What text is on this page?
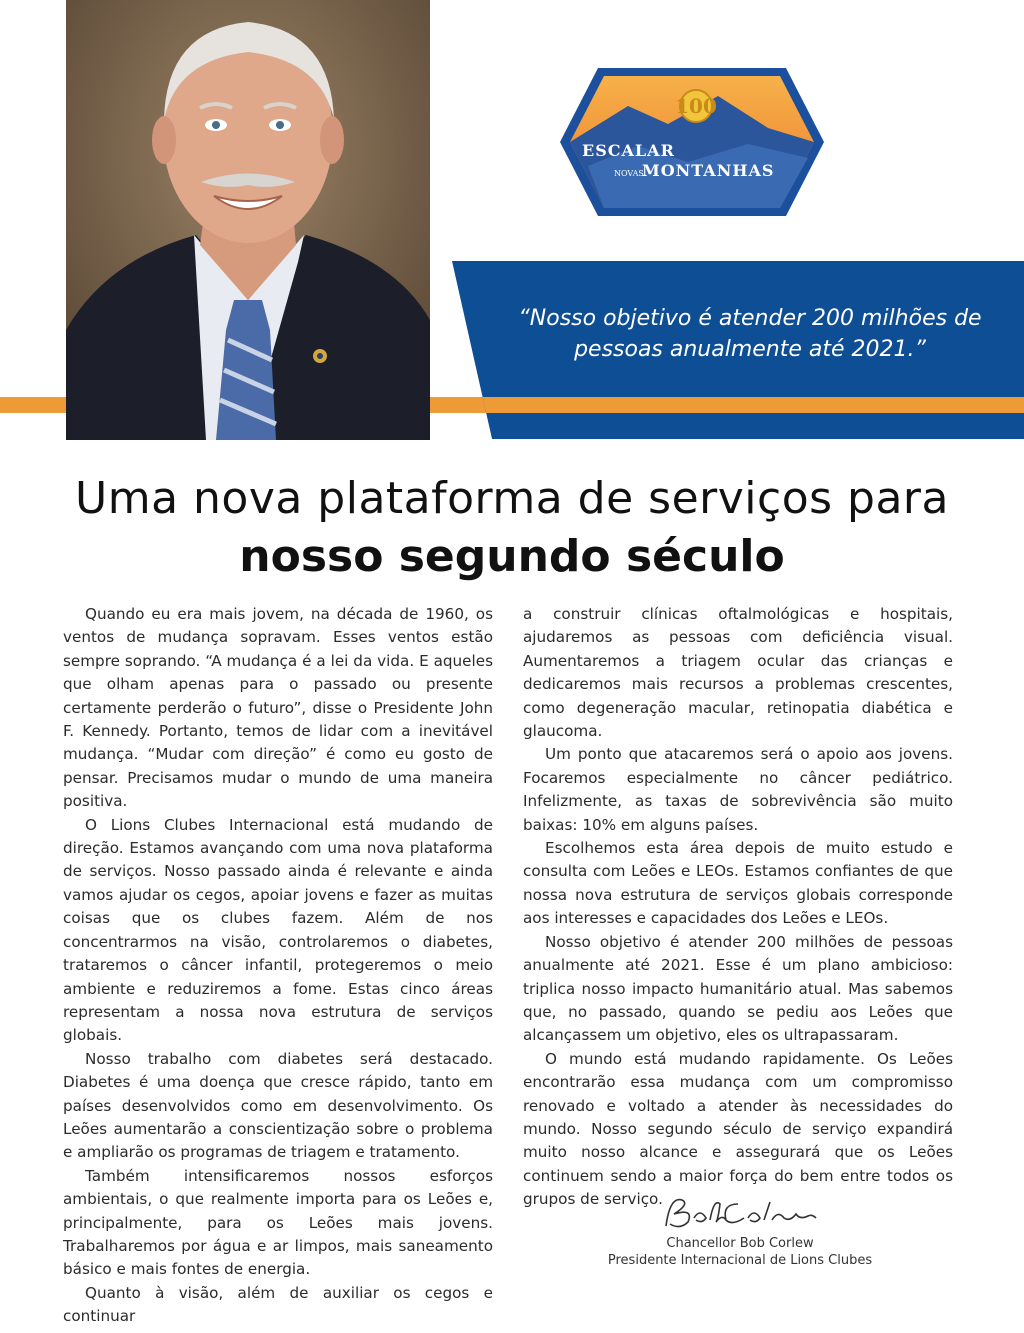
“Nosso objetivo é atender 200 milhões de pessoas anualmente até 2021.”
100
ESCALAR
NOVAS
MONTANHAS
Uma nova plataforma de serviços para
nosso segundo século

Quando eu era mais jovem, na década de 1960, os ventos de mudança sopravam. Esses ventos estão sempre soprando. “A mudança é a lei da vida. E aqueles que olham apenas para o passado ou presente certamente perderão o futuro”, disse o Presidente John F. Kennedy. Portanto, temos de lidar com a inevitável mudança. “Mudar com direção” é como eu gosto de pensar. Precisamos mudar o mundo de uma maneira positiva.

O Lions Clubes Internacional está mudando de direção. Estamos avançando com uma nova plataforma de serviços. Nosso passado ainda é relevante e ainda vamos ajudar os cegos, apoiar jovens e fazer as muitas coisas que os clubes fazem. Além de nos concentrarmos na visão, controlaremos o diabetes, trataremos o câncer infantil, protegeremos o meio ambiente e reduziremos a fome. Estas cinco áreas representam a nossa nova estrutura de serviços globais.

Nosso trabalho com diabetes será destacado. Diabetes é uma doença que cresce rápido, tanto em países desenvolvidos como em desenvolvimento. Os Leões aumentarão a conscientização sobre o problema e ampliarão os programas de triagem e tratamento.

Também intensificaremos nossos esforços ambientais, o que realmente importa para os Leões e, principalmente, para os Leões mais jovens. Trabalharemos por água e ar limpos, mais saneamento básico e mais fontes de energia.

Quanto à visão, além de auxiliar os cegos e continuar

a construir clínicas oftalmológicas e hospitais, ajudaremos as pessoas com deficiência visual. Aumentaremos a triagem ocular das crianças e dedicaremos mais recursos a problemas crescentes, como degeneração macular, retinopatia diabética e glaucoma.

Um ponto que atacaremos será o apoio aos jovens. Focaremos especialmente no câncer pediátrico. Infelizmente, as taxas de sobrevivência são muito baixas: 10% em alguns países.

Escolhemos esta área depois de muito estudo e consulta com Leões e LEOs. Estamos confiantes de que nossa nova estrutura de serviços globais corresponde aos interesses e capacidades dos Leões e LEOs.

Nosso objetivo é atender 200 milhões de pessoas anualmente até 2021. Esse é um plano ambicioso: triplica nosso impacto humanitário atual. Mas sabemos que, no passado, quando se pediu aos Leões que alcançassem um objetivo, eles os ultrapassaram.

O mundo está mudando rapidamente. Os Leões encontrarão essa mudança com um compromisso renovado e voltado a atender às necessidades do mundo. Nosso segundo século de serviço expandirá muito nosso alcance e assegurará que os Leões continuem sendo a maior força do bem entre todos os grupos de serviço.

Chancellor Bob Corlew
Presidente Internacional de Lions Clubes
